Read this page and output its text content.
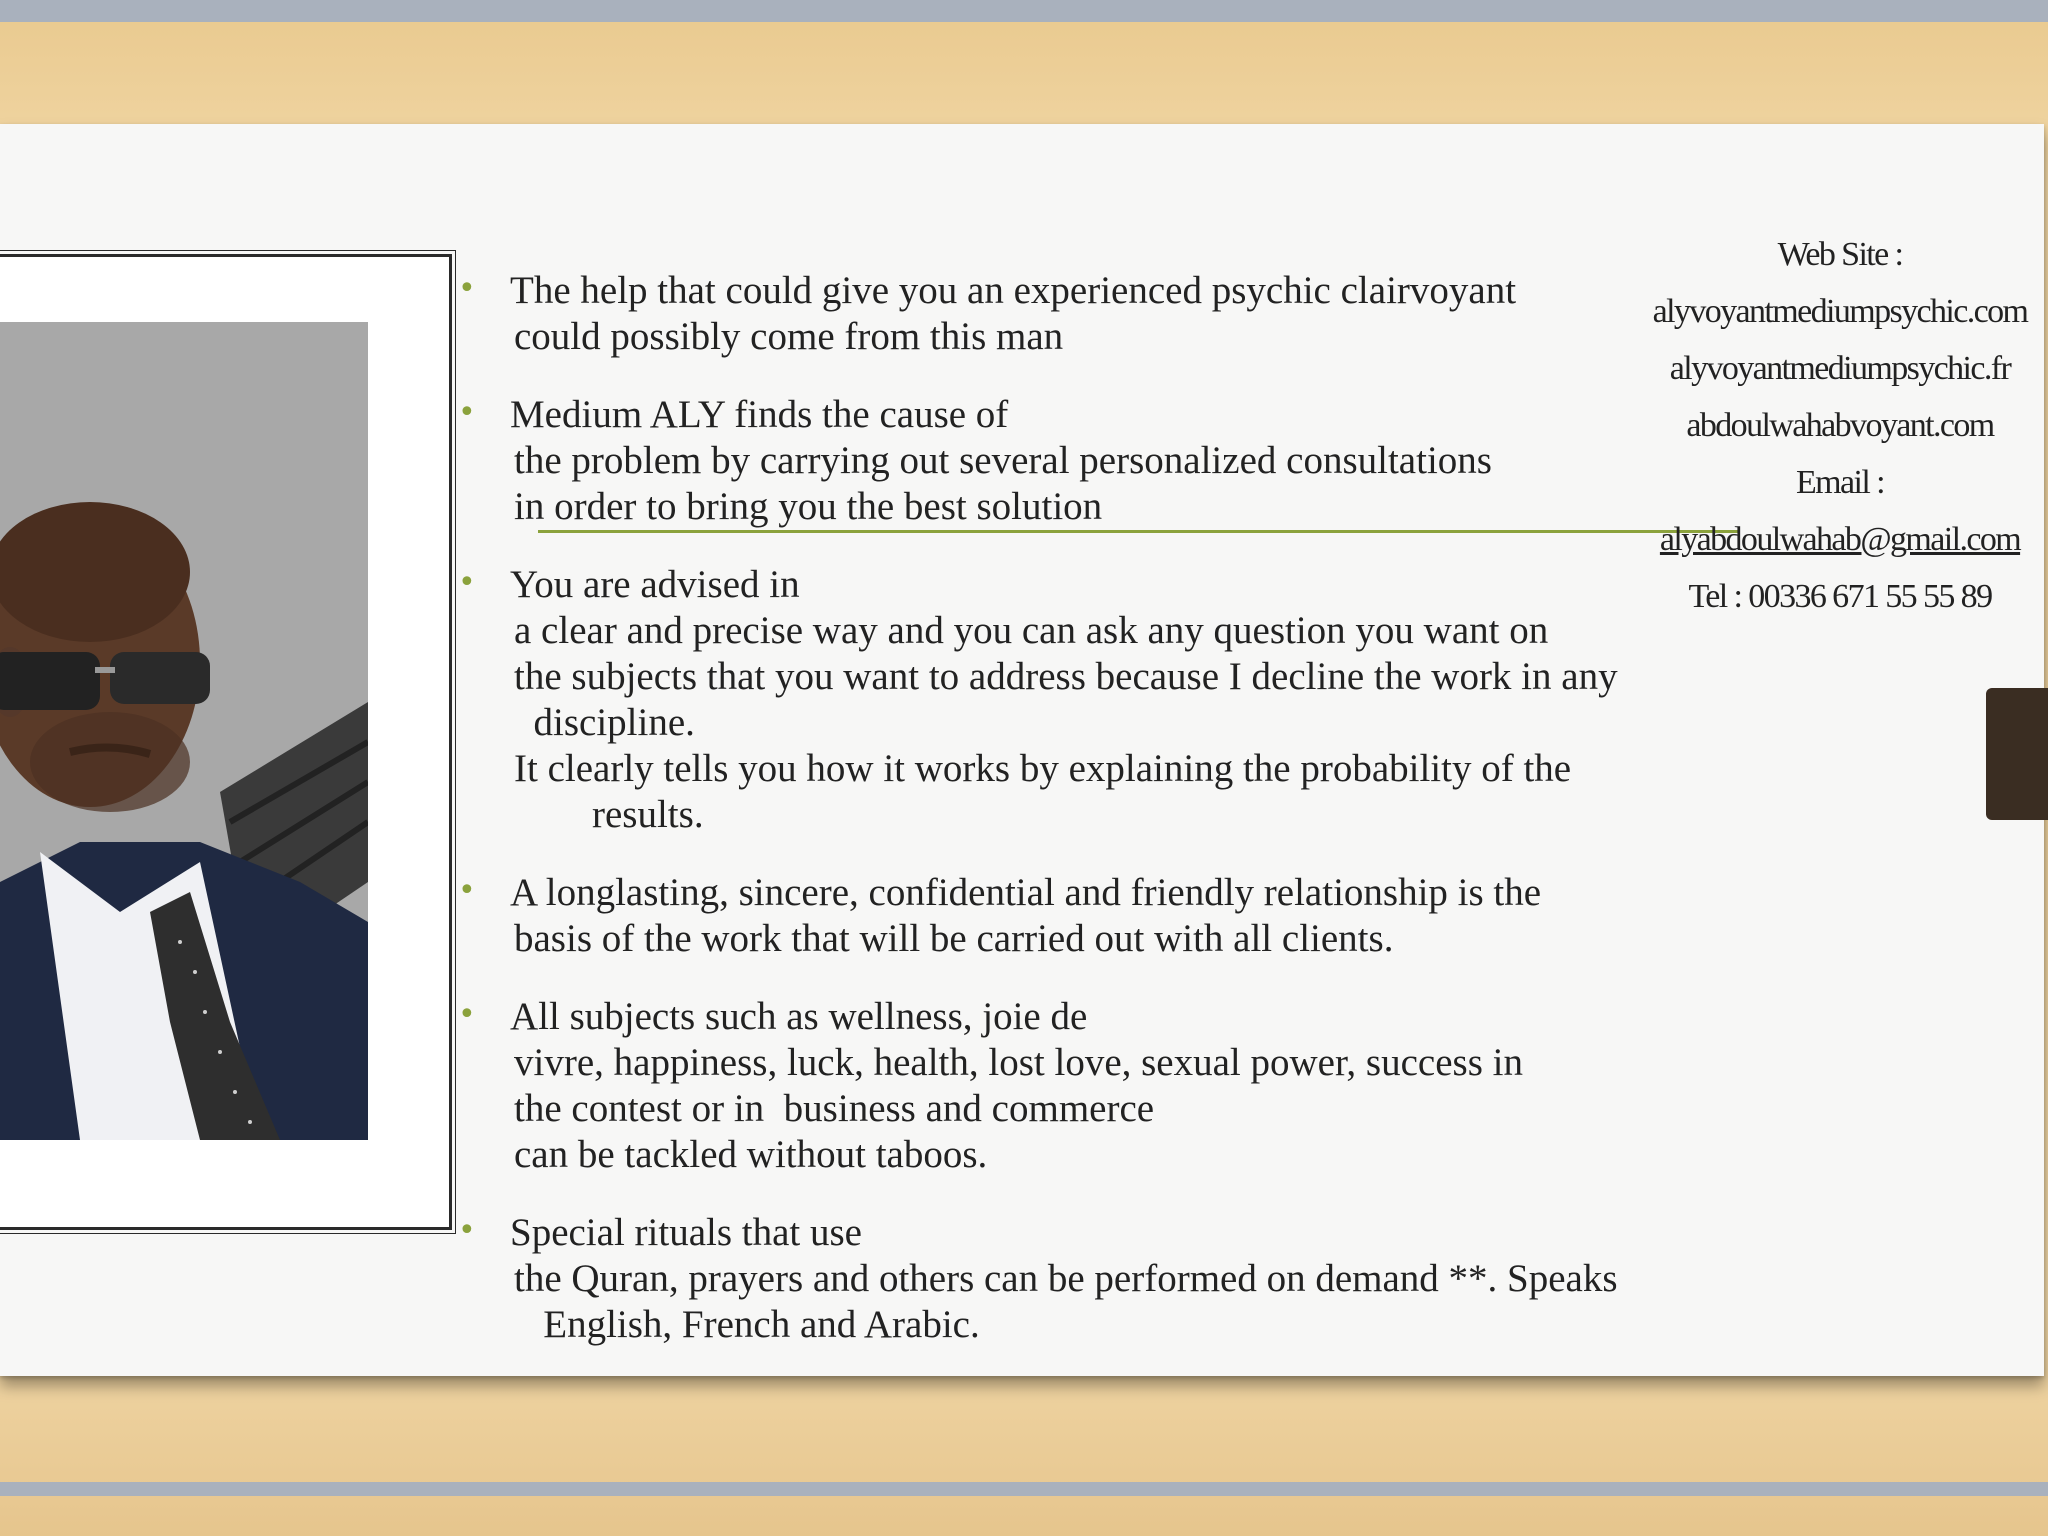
• The help that could give you an experienced psychic clairvoyant
could possibly come from this man
• Medium ALY finds the cause of
the problem by carrying out several personalized consultations
in order to bring you the best solution
• You are advised in
a clear and precise way and you can ask any question you want on
the subjects that you want to address because I decline the work in any
discipline.
It clearly tells you how it works by explaining the probability of the
results.
• A longlasting, sincere, confidential and friendly relationship is the
basis of the work that will be carried out with all clients.
• All subjects such as wellness, joie de
vivre, happiness, luck, health, lost love, sexual power, success in
the contest or in  business and commerce
can be tackled without taboos.
• Special rituals that use
the Quran, prayers and others can be performed on demand **. Speaks
English, French and Arabic.
Web Site :
alyvoyantmediumpsychic.com
alyvoyantmediumpsychic.fr
abdoulwahabvoyant.com
Email :
alyabdoulwahab@gmail.com
Tel : 00336 671 55 55 89
